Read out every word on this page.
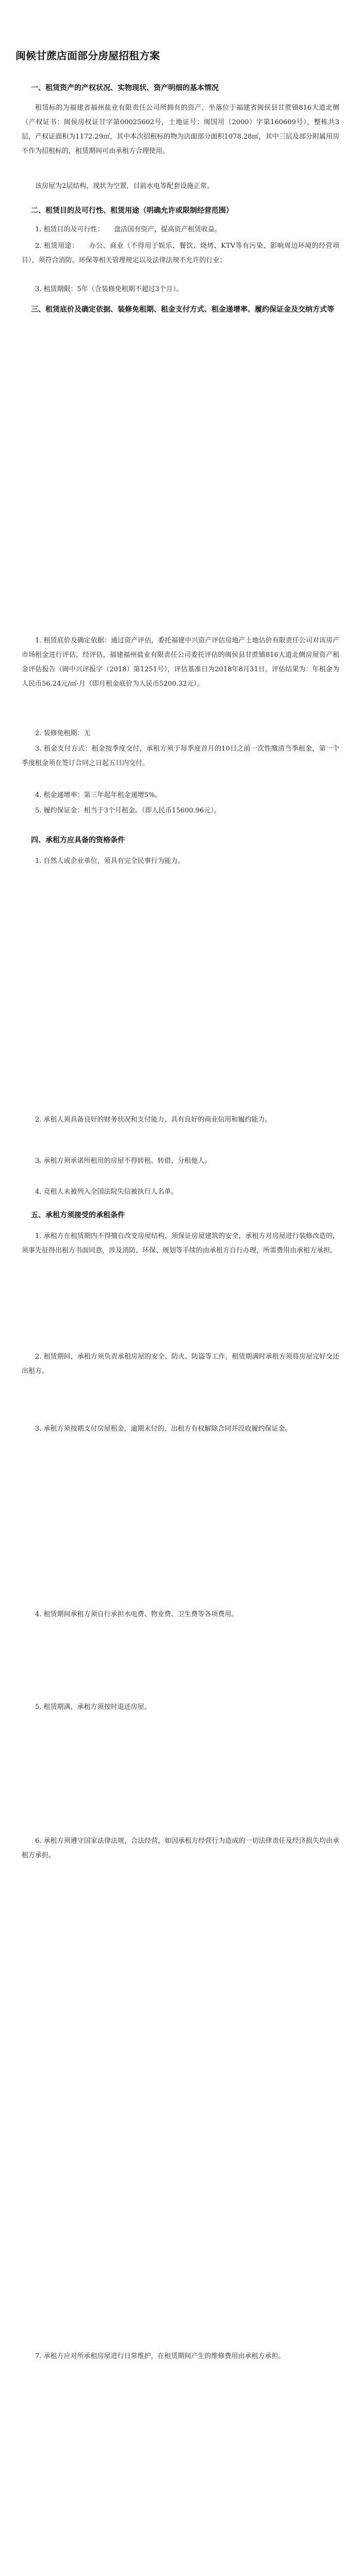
闽候甘蔗店面部分房屋招租方案
一、租赁资产的产权状况、实物现状、资产明细的基本情况
租赁标的为福建省福州盐业有限责任公司所拥有的资产，坐落位于福建省闽侯县甘蔗镇816大道北侧（产权证书：闽侯房权证甘字第00025602号，土地证号：闽国用（2000）字第160609号），整栋共3层，产权证面积为1172.29㎡，其中本次招租标的物为店面部分面积1078.28㎡，其中三层及部分附属用房不作为招租标的，租赁期间可由承租方合理使用。
该房屋为2层结构，现状为空置，目前水电等配套设施正常。
二、租赁目的及可行性、租赁用途（明确允许或限制经营范围）
1. 租赁目的及可行性：　　盘活国有资产，提高资产租赁收益。
2. 租赁用途：　　办公、商业（不得用于娱乐、餐饮、烧烤、KTV等有污染、影响周边环境的经营项目），须符合消防、环保等相关管理规定以及法律法规不允许的行业；
3. 租赁期限：5年（含装修免租期不超过3个月）。
三、租赁底价及确定依据、装修免租期、租金支付方式、租金递增率、履约保证金及交纳方式等
1. 租赁底价及确定依据：通过资产评估，委托福建中兴资产评估房地产土地估价有限责任公司对该房产市场租金进行评估，经评估，福建福州盐业有限责任公司委托评估的闽侯县甘蔗镇816大道北侧房屋资产租金评估报告（闽中兴评报字（2018）第1251号），评估基准日为2018年8月31日。评估结果为：年租金为人民币56.24元/㎡·月（即月租金底价为人民币5200.32元）。
2. 装修免租期：无
3. 租金支付方式：租金按季度交付，承租方须于每季度首月的10日之前一次性缴清当季租金，第一个季度租金须在签订合同之日起五日内交付。
4. 租金递增率：第三年起年租金递增5%。
5. 履约保证金：相当于3个月租金。（即人民币15600.96元）。
四、承租方应具备的资格条件
1. 自然人或企业单位，须具有完全民事行为能力。
2. 承租人须具备良好的财务状况和支付能力，具有良好的商业信用和履约能力。
3. 承租方须承诺所租用的房屋不得转租、转借、分租他人。
4. 竞租人未被列入全国法院失信被执行人名单。
五、承租方须接受的承租条件
1. 承租方在租赁期内不得擅自改变房屋结构，须保证房屋建筑的安全，承租方对房屋进行装修改造的，须事先征得出租方书面同意，涉及消防、环保、规划等手续的由承租方自行办理，所需费用由承租方承担。
2. 租赁期间，承租方须负责承租房屋的安全、防火、防盗等工作，租赁期满时承租方须将房屋完好交还出租方。
3. 承租方须按期支付房屋租金，逾期未付的，出租方有权解除合同并没收履约保证金。
4. 租赁期间承租方须自行承担水电费、物业费、卫生费等各项费用。
5. 租赁期满，承租方须按时退还房屋。
6. 承租方须遵守国家法律法规，合法经营，如因承租方经营行为造成的一切法律责任及经济损失均由承租方承担。
7. 承租方应对所承租房屋进行日常维护，在租赁期间产生的维修费用由承租方承担。
